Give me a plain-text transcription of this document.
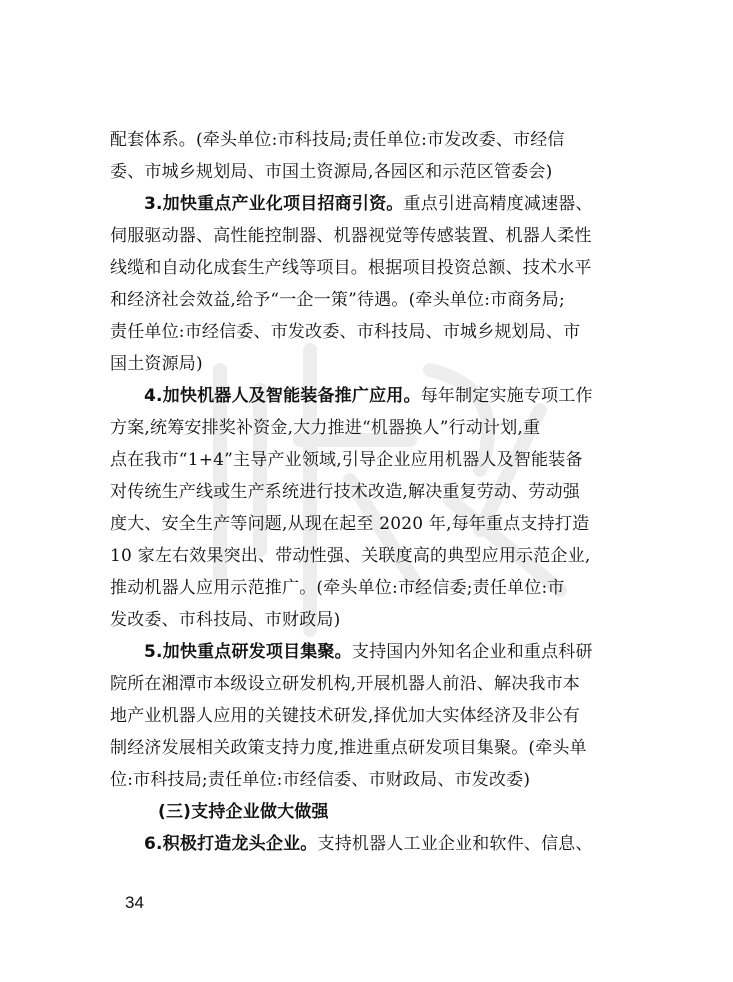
配套体系。(牵头单位:市科技局;责任单位:市发改委、市经信
委、市城乡规划局、市国土资源局,各园区和示范区管委会)
3.加快重点产业化项目招商引资。重点引进高精度减速器、
伺服驱动器、高性能控制器、机器视觉等传感装置、机器人柔性
线缆和自动化成套生产线等项目。根据项目投资总额、技术水平
和经济社会效益,给予“一企一策”待遇。(牵头单位:市商务局;
责任单位:市经信委、市发改委、市科技局、市城乡规划局、市
国土资源局)
4.加快机器人及智能装备推广应用。每年制定实施专项工作
方案,统筹安排奖补资金,大力推进“机器换人”行动计划,重
点在我市“1+4”主导产业领域,引导企业应用机器人及智能装备
对传统生产线或生产系统进行技术改造,解决重复劳动、劳动强
度大、安全生产等问题,从现在起至 2020 年,每年重点支持打造
10 家左右效果突出、带动性强、关联度高的典型应用示范企业,
推动机器人应用示范推广。(牵头单位:市经信委;责任单位:市
发改委、市科技局、市财政局)
5.加快重点研发项目集聚。支持国内外知名企业和重点科研
院所在湘潭市本级设立研发机构,开展机器人前沿、解决我市本
地产业机器人应用的关键技术研发,择优加大实体经济及非公有
制经济发展相关政策支持力度,推进重点研发项目集聚。(牵头单
位:市科技局;责任单位:市经信委、市财政局、市发改委)
(三)支持企业做大做强
6.积极打造龙头企业。支持机器人工业企业和软件、信息、
34
